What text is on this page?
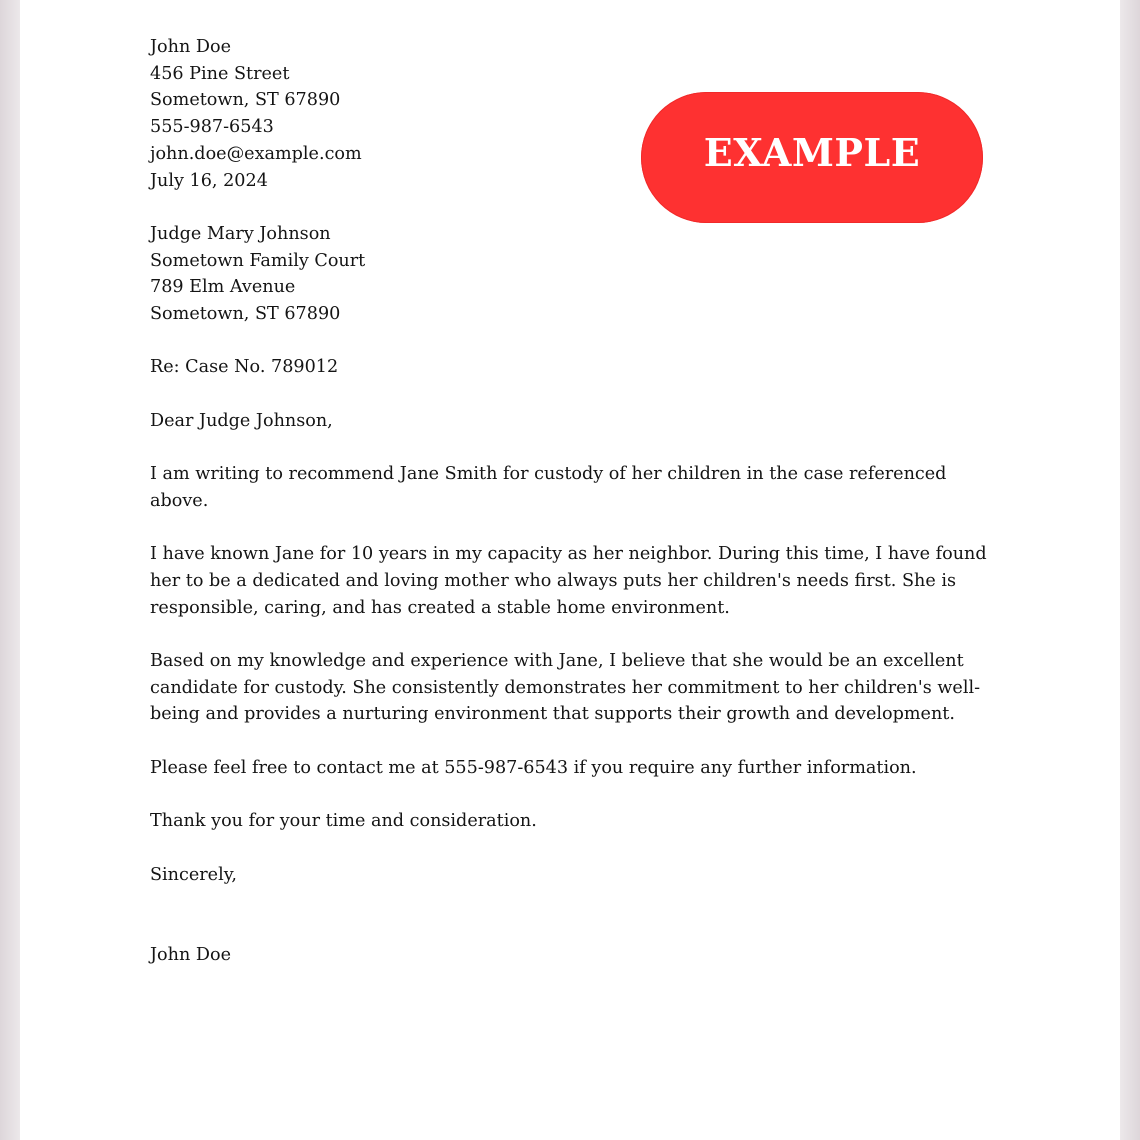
John Doe
456 Pine Street
Sometown, ST 67890
555-987-6543
john.doe@example.com
July 16, 2024
Judge Mary Johnson
Sometown Family Court
789 Elm Avenue
Sometown, ST 67890
Re: Case No. 789012
Dear Judge Johnson,

I am writing to recommend Jane Smith for custody of her children in the case referenced above.

I have known Jane for 10 years in my capacity as her neighbor. During this time, I have found her to be a dedicated and loving mother who always puts her children's needs first. She is responsible, caring, and has created a stable home environment.

Based on my knowledge and experience with Jane, I believe that she would be an excellent candidate for custody. She consistently demonstrates her commitment to her children's well-being and provides a nurturing environment that supports their growth and development.

Please feel free to contact me at 555-987-6543 if you require any further information.

Thank you for your time and consideration.

Sincerely,
John Doe
EXAMPLE
